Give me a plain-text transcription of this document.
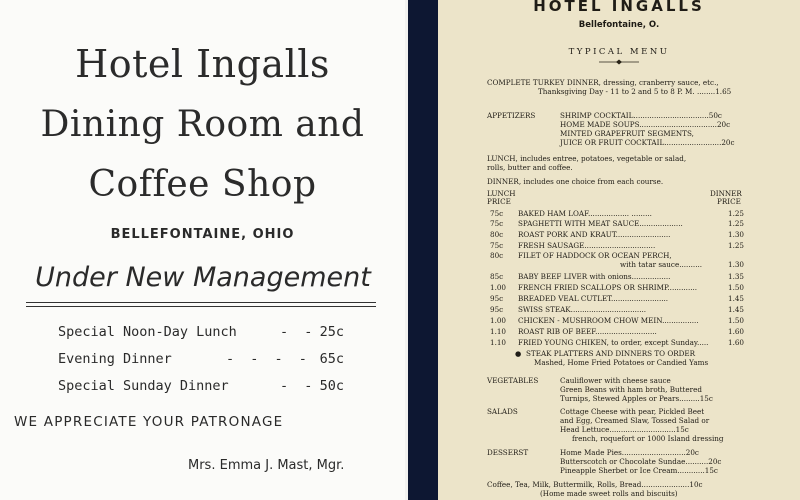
Hotel Ingalls
Dining Room and
Coffee Shop
BELLEFONTAINE, OHIO
Under New Management
Special Noon-Day Lunch	- - 25c
Evening Dinner	- - - - 65c
Special Sunday Dinner	- - 50c
WE APPRECIATE YOUR PATRONAGE
Mrs. Emma J. Mast, Mgr.
HOTEL INGALLS
Bellefontaine, O.
TYPICAL MENU
COMPLETE TURKEY DINNER, dressing, cranberry sauce, etc.,
Thanksgiving Day - 11 to 2 and 5 to 8 P. M. ........1.65
APPETIZERS	SHRIMP COCKTAIL.................................50c
HOME MADE SOUPS..................................20c
MINTED GRAPEFRUIT SEGMENTS,
JUICE OR FRUIT COCKTAIL.........................20c
LUNCH, includes entree, potatoes, vegetable or salad,
rolls, butter and coffee.
DINNER, includes one choice from each course.
LUNCH
PRICE
DINNER
PRICE
75c BAKED HAM LOAF.................. .........	1.25
75c SPAGHETTI WITH MEAT SAUCE...................	1.25
80c ROAST PORK AND KRAUT........................	1.30
75c FRESH SAUSAGE...............................	1.25
80c FILET OF HADDOCK OR OCEAN PERCH,
with tatar sauce..........	1.30
85c BABY BEEF LIVER with onions.................	1.35
1.00 FRENCH FRIED SCALLOPS OR SHRIMP.............	1.50
95c BREADED VEAL CUTLET.........................	1.45
95c SWISS STEAK.................................	1.45
1.00 CHICKEN - MUSHROOM CHOW MEIN................	1.50
1.10 ROAST RIB OF BEEF...........................	1.60
1.10 FRIED YOUNG CHIKEN, to order, except Sunday.....	1.60
● STEAK PLATTERS AND DINNERS TO ORDER
Mashed, Home Fried Potatoes or Candied Yams
VEGETABLES	Cauliflower with cheese sauce
Green Beans with ham broth, Buttered
Turnips, Stewed Apples or Pears.........15c
SALADS	Cottage Cheese with pear, Pickled Beet
and Egg, Creamed Slaw, Tossed Salad or
Head Lettuce.............................15c
french, roquefort or 1000 Island dressing
DESSERST	Home Made Pies............................20c
Butterscotch or Chocolate Sundae..........20c
Pineapple Sherbet or Ice Cream............15c
Coffee, Tea, Milk, Buttermilk, Rolls, Bread.....................10c
(Home made sweet rolls and biscuits)
